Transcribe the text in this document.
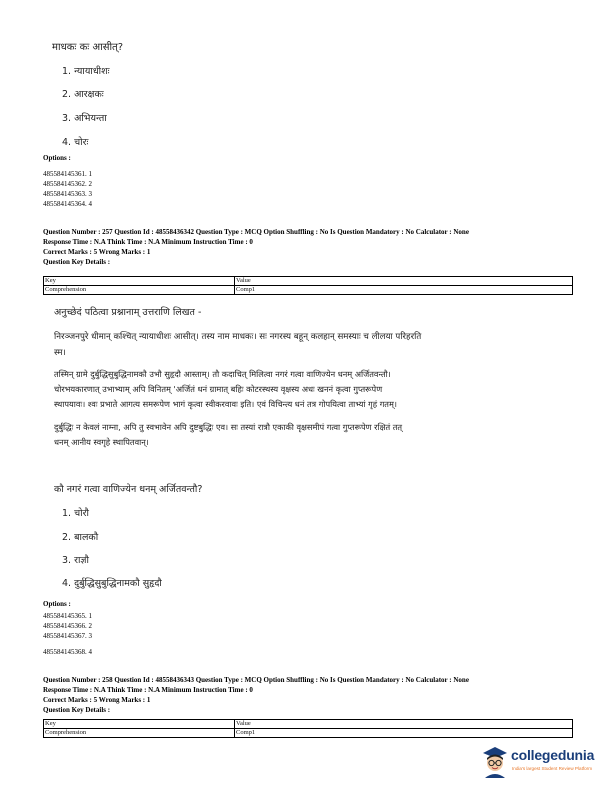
माधकः कः आसीत्?
1. न्यायाधीशः
2. आरक्षकः
3. अभियन्ता
4. चोरः
Options :
485584145361. 1
485584145362. 2
485584145363. 3
485584145364. 4
Question Number : 257 Question Id : 48558436342 Question Type : MCQ Option Shuffling : No Is Question Mandatory : No Calculator : None
Response Time : N.A Think Time : N.A Minimum Instruction Time : 0
Correct Marks : 5 Wrong Marks : 1
Question Key Details :
Key	Value
Comprehension	Comp1
अनुच्छेदं पठित्वा प्रश्नानाम् उत्तराणि लिखत -
निरञ्जनपुरे धीमान् कश्चित् न्यायाधीशः आसीत्। तस्य नाम माधकः। सः नगरस्य बहून् कलहान् समस्याः च लीलया परिहरति
स्म।
तस्मिन् ग्रामे दुर्बुद्धिसुबुद्धिनामकौ उभौ सुहृदौ आस्ताम्। तौ कदाचित् मिलित्वा नगरं गत्वा वाणिज्येन धनम् अर्जितवन्तौ।
चोरभयकारणात् उभाभ्याम् अपि विनितम् 'अर्जितं धनं ग्रामात् बहिः कोटरस्थस्य वृक्षस्य अधः खननं कृत्वा गुप्तरूपेण
स्थापयावः। श्वः प्रभाते आगत्य समरूपेण भागं कृत्वा स्वीकरवावः इति। एवं विचिन्त्य धनं तत्र गोपयित्वा ताभ्यां गृहं गतम्।
दुर्बुद्धिः न केवलं नाम्ना, अपि तु स्वभावेन अपि दुष्टबुद्धिः एव। सः तस्यां रात्रौ एकाकी वृक्षसमीपं गत्वा गुप्तरूपेण रक्षितं तत्
धनम् आनीय स्वगृहे स्थापितवान्।
कौ नगरं गत्वा वाणिज्येन धनम् अर्जितवन्तौ?
1. चोरौ
2. बालकौ
3. राज्ञौ
4. दुर्बुद्धिसुबुद्धिनामकौ सुहृदौ
Options :
485584145365. 1
485584145366. 2
485584145367. 3
485584145368. 4
Question Number : 258 Question Id : 48558436343 Question Type : MCQ Option Shuffling : No Is Question Mandatory : No Calculator : None
Response Time : N.A Think Time : N.A Minimum Instruction Time : 0
Correct Marks : 5 Wrong Marks : 1
Question Key Details :
Key	Value
Comprehension	Comp1
collegedunia
India's largest Student Review Platform
